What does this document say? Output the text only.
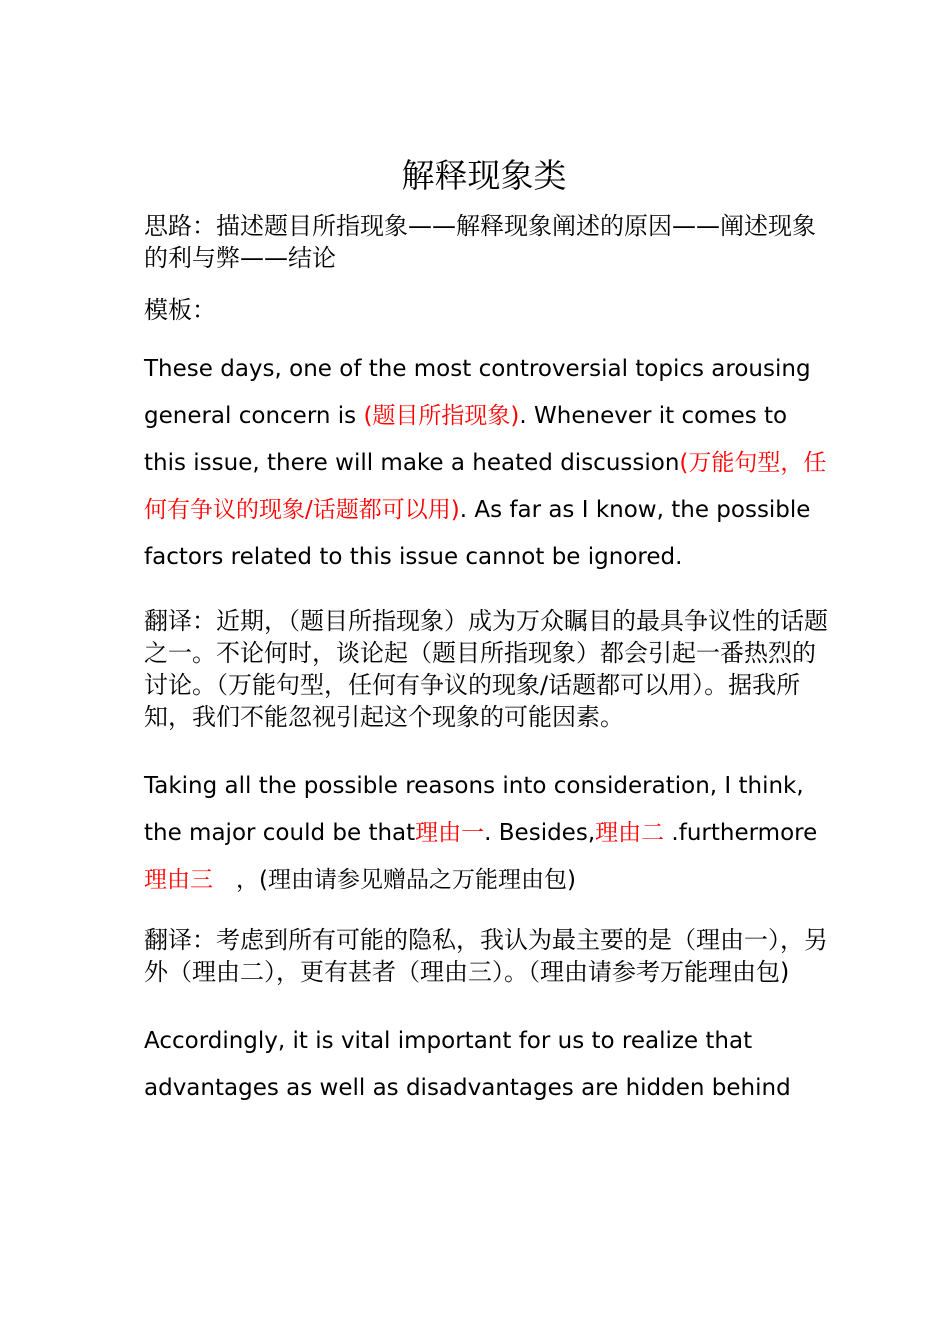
解释现象类

思路：描述题目所指现象——解释现象阐述的原因——阐述现象的利与弊——结论

模板：

These days, one of the most controversial topics arousing general concern is (题目所指现象). Whenever it comes to this issue, there will make a heated discussion(万能句型，任何有争议的现象/话题都可以用). As far as I know, the possible factors related to this issue cannot be ignored.

翻译：近期，（题目所指现象）成为万众瞩目的最具争议性的话题之一。不论何时，谈论起（题目所指现象）都会引起一番热烈的讨论。（万能句型，任何有争议的现象/话题都可以用）。据我所知，我们不能忽视引起这个现象的可能因素。

Taking all the possible reasons into consideration, I think, the major could be that理由一. Besides,理由二 .furthermore理由三　，(理由请参见赠品之万能理由包)

翻译：考虑到所有可能的隐私，我认为最主要的是（理由一），另外（理由二），更有甚者（理由三）。（理由请参考万能理由包)

Accordingly, it is vital important for us to realize that advantages as well as disadvantages are hidden behind
